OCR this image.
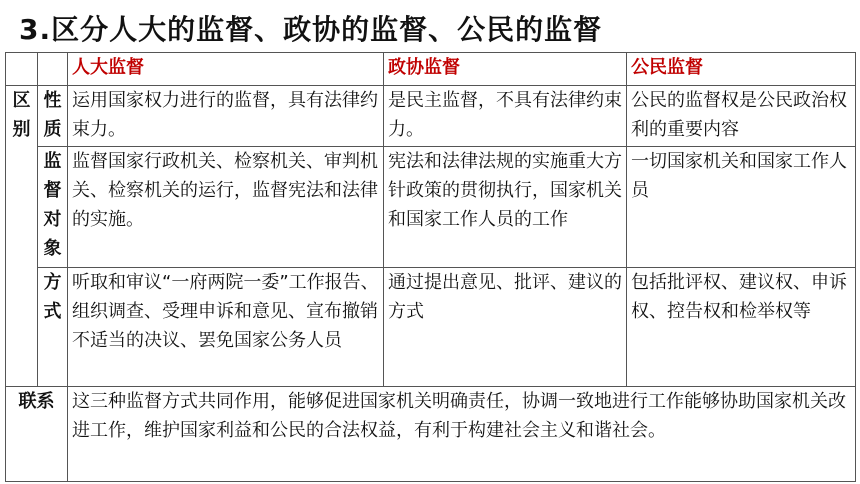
3.区分人大的监督、政协的监督、公民的监督
		人大监督	政协监督	公民监督
区别	性质	运用国家权力进行的监督，具有法律约束力。	是民主监督，不具有法律约束力。	公民的监督权是公民政治权利的重要内容
	监督对象	监督国家行政机关、检察机关、审判机关、检察机关的运行，监督宪法和法律的实施。	宪法和法律法规的实施重大方针政策的贯彻执行，国家机关和国家工作人员的工作	一切国家机关和国家工作人员
	方式	听取和审议“一府两院一委”工作报告、组织调查、受理申诉和意见、宣布撤销不适当的决议、罢免国家公务人员	通过提出意见、批评、建议的方式	包括批评权、建议权、申诉权、控告权和检举权等
联系		这三种监督方式共同作用，能够促进国家机关明确责任，协调一致地进行工作能够协助国家机关改进工作，维护国家利益和公民的合法权益，有利于构建社会主义和谐社会。		
